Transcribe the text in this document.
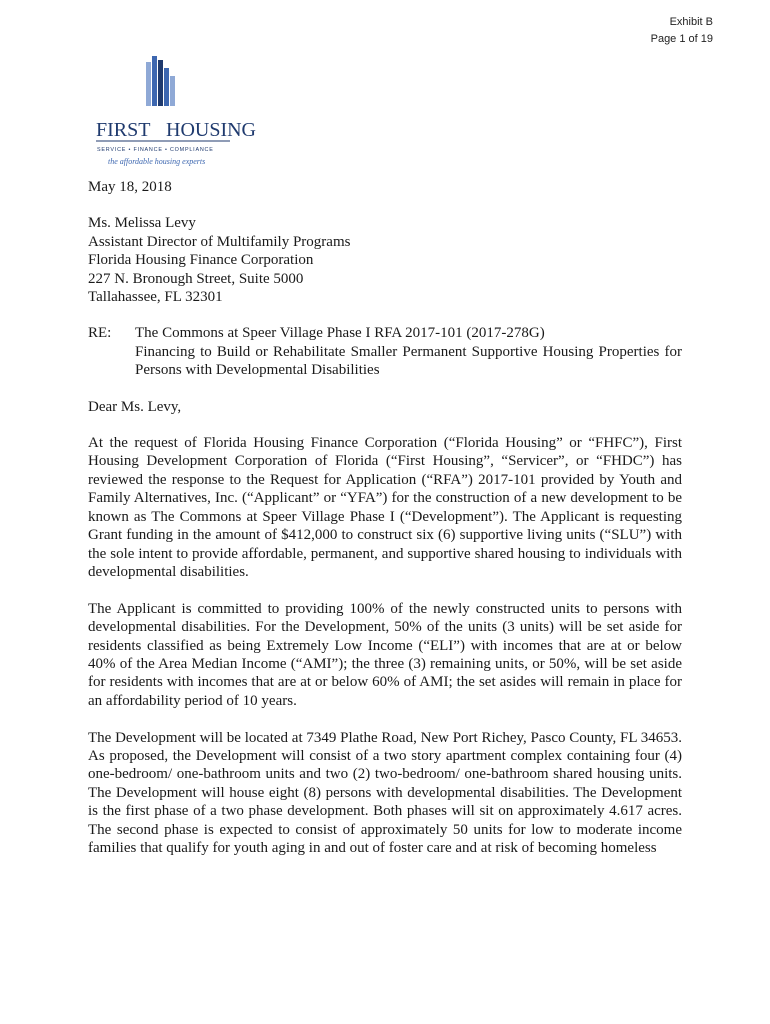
Exhibit B
Page 1 of 19
FIRST HOUSING
SERVICE • FINANCE • COMPLIANCE
the affordable housing experts
May 18, 2018
Ms. Melissa Levy
Assistant Director of Multifamily Programs
Florida Housing Finance Corporation
227 N. Bronough Street, Suite 5000
Tallahassee, FL 32301
RE:	The Commons at Speer Village Phase I RFA 2017-101 (2017-278G)
Financing to Build or Rehabilitate Smaller Permanent Supportive Housing Properties for Persons with Developmental Disabilities
Dear Ms. Levy,

At the request of Florida Housing Finance Corporation (“Florida Housing” or “FHFC”), First Housing Development Corporation of Florida (“First Housing”, “Servicer”, or “FHDC”) has reviewed the response to the Request for Application (“RFA”) 2017-101 provided by Youth and Family Alternatives, Inc. (“Applicant” or “YFA”) for the construction of a new development to be known as The Commons at Speer Village Phase I (“Development”). The Applicant is requesting Grant funding in the amount of $412,000 to construct six (6) supportive living units (“SLU”) with the sole intent to provide affordable, permanent, and supportive shared housing to individuals with developmental disabilities.

The Applicant is committed to providing 100% of the newly constructed units to persons with developmental disabilities. For the Development, 50% of the units (3 units) will be set aside for residents classified as being Extremely Low Income (“ELI”) with incomes that are at or below 40% of the Area Median Income (“AMI”); the three (3) remaining units, or 50%, will be set aside for residents with incomes that are at or below 60% of AMI; the set asides will remain in place for an affordability period of 10 years.

The Development will be located at 7349 Plathe Road, New Port Richey, Pasco County, FL 34653. As proposed, the Development will consist of a two story apartment complex containing four (4) one-bedroom/ one-bathroom units and two (2) two-bedroom/ one-bathroom shared housing units. The Development will house eight (8) persons with developmental disabilities. The Development is the first phase of a two phase development. Both phases will sit on approximately 4.617 acres. The second phase is expected to consist of approximately 50 units for low to moderate income families that qualify for youth aging in and out of foster care and at risk of becoming homeless
